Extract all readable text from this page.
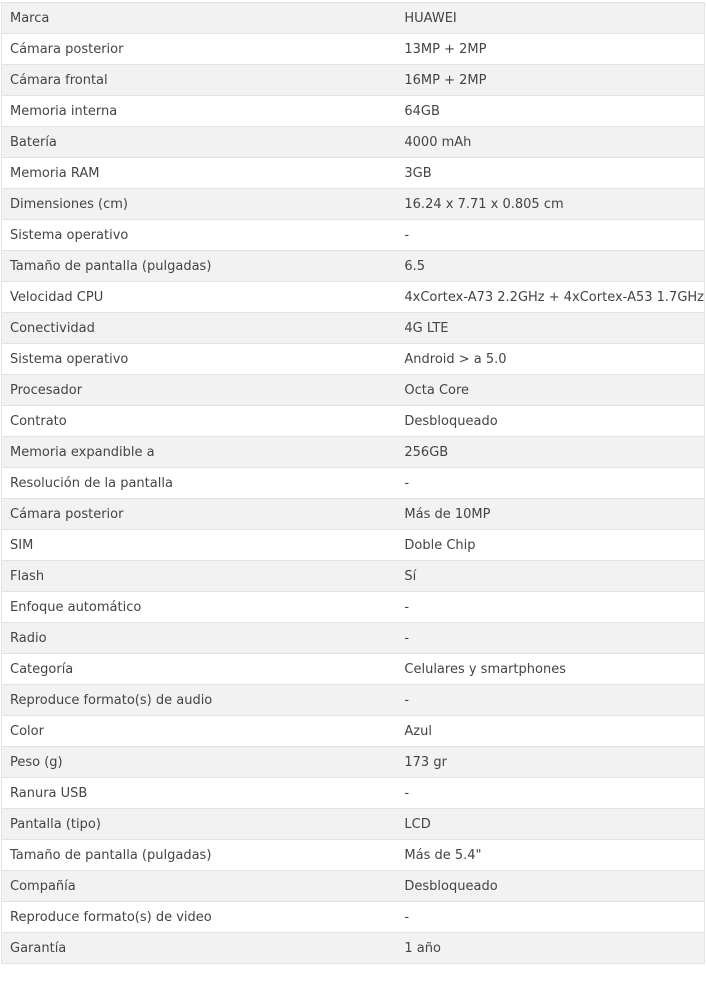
Marca	HUAWEI
Cámara posterior	13MP + 2MP
Cámara frontal	16MP + 2MP
Memoria interna	64GB
Batería	4000 mAh
Memoria RAM	3GB
Dimensiones (cm)	16.24 x 7.71 x 0.805 cm
Sistema operativo	-
Tamaño de pantalla (pulgadas)	6.5
Velocidad CPU	4xCortex-A73 2.2GHz + 4xCortex-A53 1.7GHz
Conectividad	4G LTE
Sistema operativo	Android > a 5.0
Procesador	Octa Core
Contrato	Desbloqueado
Memoria expandible a	256GB
Resolución de la pantalla	-
Cámara posterior	Más de 10MP
SIM	Doble Chip
Flash	Sí
Enfoque automático	-
Radio	-
Categoría	Celulares y smartphones
Reproduce formato(s) de audio	-
Color	Azul
Peso (g)	173 gr
Ranura USB	-
Pantalla (tipo)	LCD
Tamaño de pantalla (pulgadas)	Más de 5.4"
Compañía	Desbloqueado
Reproduce formato(s) de video	-
Garantía	1 año
